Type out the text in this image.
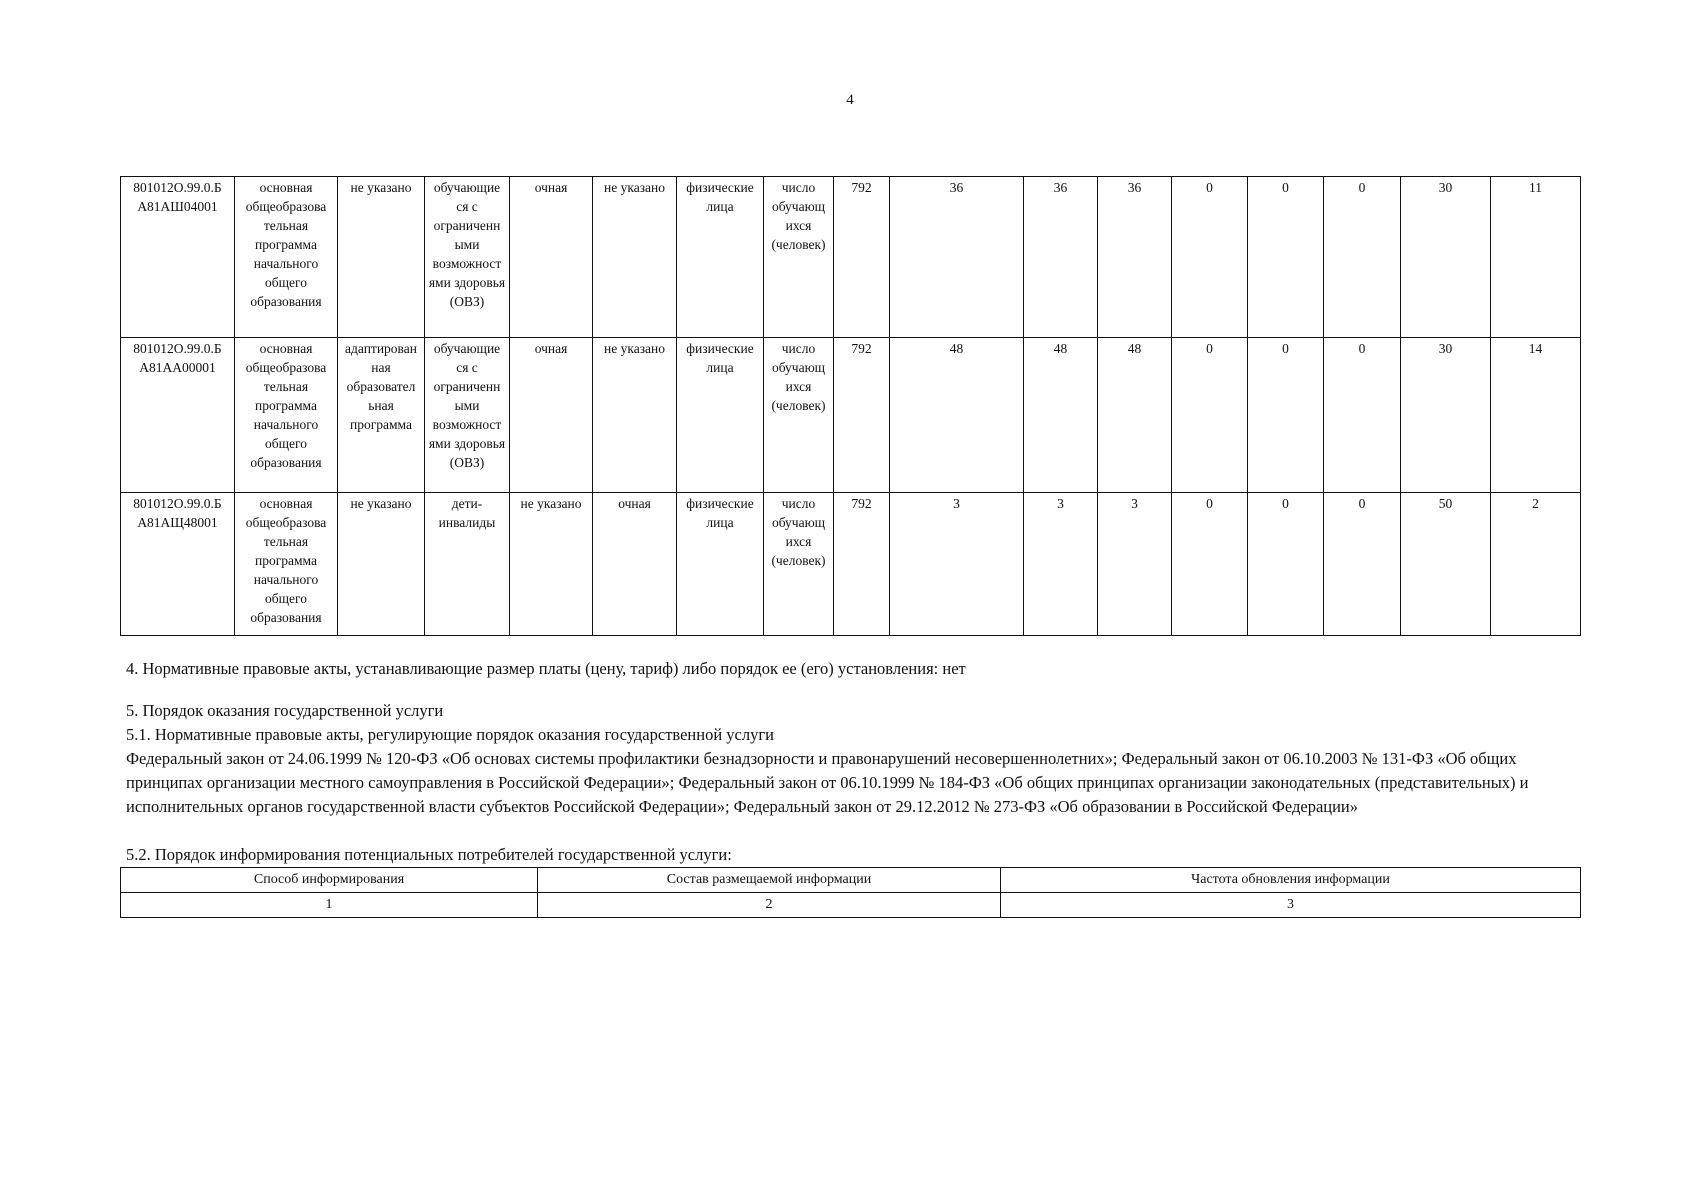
4
801012О.99.0.Б
А81АШ04001	основная общеобразова тельная программа начального общего образования	не указано	обучающие ся с ограниченн ыми возможност ями здоровья (ОВЗ)	очная	не указано	физические лица	число обучающ ихся (человек)	792	36	36	36	0	0	0	30	11
801012О.99.0.Б
А81АА00001	основная общеобразова тельная программа начального общего образования	адаптирован ная образовател ьная программа	обучающие ся с ограниченн ыми возможност ями здоровья (ОВЗ)	очная	не указано	физические лица	число обучающ ихся (человек)	792	48	48	48	0	0	0	30	14
801012О.99.0.Б
А81АЩ48001	основная общеобразова тельная программа начального общего образования	не указано	дети- инвалиды	не указано	очная	физические лица	число обучающ ихся (человек)	792	3	3	3	0	0	0	50	2
4. Нормативные правовые акты, устанавливающие размер платы (цену, тариф) либо порядок ее (его) установления: нет
5. Порядок оказания государственной услуги
5.1. Нормативные правовые акты, регулирующие порядок оказания государственной услуги
Федеральный закон от 24.06.1999 № 120-ФЗ «Об основах системы профилактики безнадзорности и правонарушений несовершеннолетних»; Федеральный закон от 06.10.2003 № 131-ФЗ «Об общих принципах организации местного самоуправления в Российской Федерации»; Федеральный закон от 06.10.1999 № 184-ФЗ «Об общих принципах организации законодательных (представительных) и исполнительных органов государственной власти субъектов Российской Федерации»; Федеральный закон от 29.12.2012 № 273-ФЗ «Об образовании в Российской Федерации»
5.2. Порядок информирования потенциальных потребителей государственной услуги:
Способ информирования	Состав размещаемой информации	Частота обновления информации
1	2	3
